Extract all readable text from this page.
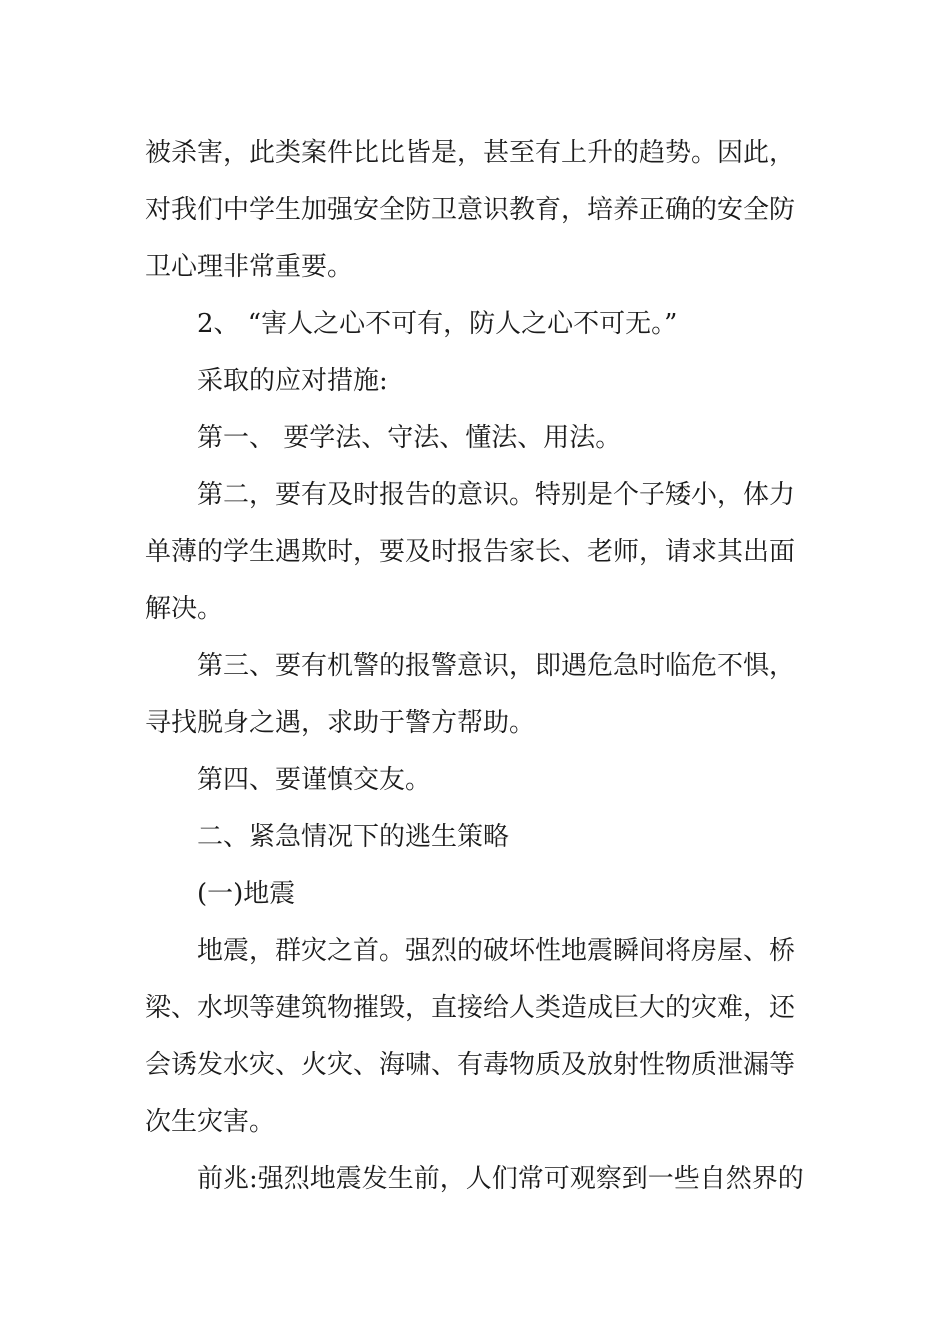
被杀害，此类案件比比皆是，甚至有上升的趋势。因此，
对我们中学生加强安全防卫意识教育，培养正确的安全防
卫心理非常重要。
2、 “害人之心不可有，防人之心不可无。”
采取的应对措施:
第一、 要学法、守法、懂法、用法。
第二，要有及时报告的意识。特别是个子矮小，体力
单薄的学生遇欺时，要及时报告家长、老师，请求其出面
解决。
第三、要有机警的报警意识，即遇危急时临危不惧，
寻找脱身之遇，求助于警方帮助。
第四、要谨慎交友。
二、紧急情况下的逃生策略
(一)地震
地震，群灾之首。强烈的破坏性地震瞬间将房屋、桥
梁、水坝等建筑物摧毁，直接给人类造成巨大的灾难，还
会诱发水灾、火灾、海啸、有毒物质及放射性物质泄漏等
次生灾害。
前兆:强烈地震发生前，人们常可观察到一些自然界的
